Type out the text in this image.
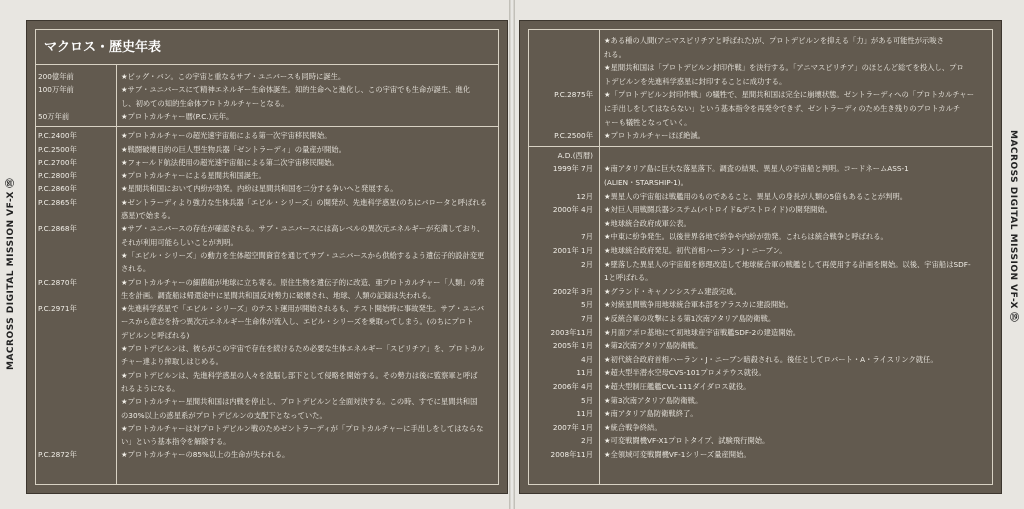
MACROSS DIGITAL MISSION VF-X ⑱	MACROSS DIGITAL MISSION VF-X ⑲
マクロス・歴史年表
200億年前	★ビッグ・バン。この宇宙と重なるサブ・ユニバースも同時に誕生。
100万年前	★サブ・ユニバースにて精神エネルギー生命体誕生。知的生命へと進化し、この宇宙でも生命が誕生、進化
し、初めての知的生命体プロトカルチャーとなる。
50万年前	★プロトカルチャー暦(P.C.)元年。
P.C.2400年	★プロトカルチャーの超光速宇宙船による第一次宇宙移民開始。
P.C.2500年	★戦闘破壊目的の巨人型生物兵器「ゼントラーディ」の量産が開始。
P.C.2700年	★フォールド航法使用の超光速宇宙船による第二次宇宙移民開始。
P.C.2800年	★プロトカルチャーによる星間共和国誕生。
P.C.2860年	★星間共和国において内紛が勃発。内紛は星間共和国を二分する争いへと発展する。
P.C.2865年	★ゼントラーディより強力な生体兵器「エビル・シリーズ」の開発が、先進科学惑星(のちにバロータと呼ばれる
惑星)で始まる。
P.C.2868年	★サブ・ユニバースの存在が確認される。サブ・ユニバースには高レベルの異次元エネルギーが充満しており、
それが利用可能らしいことが判明。
★「エビル・シリーズ」の動力を生体超空間資官を通じてサブ・ユニバースから供給するよう遺伝子的設計変更
される。
P.C.2870年	★プロトカルチャーの細菌船が地球に立ち寄る。原住生物を遺伝子的に改造、亜プロトカルチャー「人類」の発
生を計画。調査船は帰還途中に星間共和国反対勢力に破壊され、地球、人類の記録は失われる。
P.C.2971年	★先進科学惑星で「エビル・シリーズ」のテスト運用が開始されるも、テスト開始時に事故発生。サブ・ユニバ
ースから意志を持つ異次元エネルギー生命体が流入し、エビル・シリーズを乗取ってしまう。(のちにプロト
デビルンと呼ばれる)
★プロトデビルンは、彼らがこの宇宙で存在を続けるため必要な生体エネルギー「スピリチア」を、プロトカル
チャー達より搾取しはじめる。
★プロトデビルンは、先進科学惑星の人々を洗脳し部下として侵略を開始する。その勢力は後に監察軍と呼ば
れるようになる。
★プロトカルチャー星間共和国は内戦を停止し、プロトデビルンと全面対決する。この時、すでに星間共和国
の30%以上の惑星系がプロトデビルンの支配下となっていた。
★プロトカルチャーは対プロトデビルン戦のためゼントラーディが「プロトカルチャーに手出しをしてはならな
い」という基本指令を解除する。
P.C.2872年	★プロトカルチャーの85%以上の生命が失われる。
★ある種の人間(アニマスピリチアと呼ばれた)が、プロトデビルンを抑える「力」がある可能性が示唆さ
れる。
★星間共和国は「プロトデビルン封印作戦」を決行する。「アニマスピリチア」のほとんど総てを投入し、プロ
トデビルンを先進科学惑星に封印することに成功する。
P.C.2875年 ★「プロトデビルン封印作戦」の犠牲で、星間共和国は完全に崩壊状態。ゼントラーディへの「プロトカルチャー
に手出しをしてはならない」という基本指令を再発令できず、ゼントラーディのため生き残りのプロトカルチ
ャーも犠牲となっていく。
P.C.2500年 ★プロトカルチャーほぼ絶滅。
A.D.(西暦)
1999年 7月 ★南アタリア島に巨大な落星落下。調査の結果、異星人の宇宙船と判明。コードネームASS-1
(ALIEN・STARSHIP-1)。
12月 ★異星人の宇宙船は戦艦用のものであること、異星人の身長が人類の5倍もあることが判明。
2000年 4月 ★対巨人用戦闘兵器システム(バトロイド&デストロイド)の開発開始。
★地球統合政府成軍公表。
7月 ★中東に紛争発生。以後世界各地で紛争や内紛が勃発。これらは統合戦争と呼ばれる。
2001年 1月 ★地球統合政府発足。初代首相ハーラン・J・ニーブン。
2月 ★墜落した異星人の宇宙船を修理改造して地球統合軍の戦艦として再使用する計画を開始。以後、宇宙船はSDF-
1と呼ばれる。
2002年 3月 ★グランド・キャノンシステム建設完成。
5月 ★対統星間戦争用地球統合軍本部をアラスカに建設開始。
7月 ★反統合軍の攻撃による第1次南アタリア島防衛戦。
2003年11月 ★月面アポロ基地にて初地球産宇宙戦艦SDF-2の建造開始。
2005年 1月 ★第2次南アタリア島防衛戦。
4月 ★初代統合政府首相ハーラン・J・ニーブン暗殺される。後任としてロバート・A・ライスリンク就任。
11月 ★超大型半潜水空母CVS-101プロメテウス就役。
2006年 4月 ★超大型制圧艦艦CVL-111ダイダロス就役。
5月 ★第3次南アタリア島防衛戦。
11月 ★南アタリア島防衛戦終了。
2007年 1月 ★統合戦争終結。
2月 ★可変戦闘機VF-X1プロトタイプ、試験飛行開始。
2008年11月 ★全領域可変戦闘機VF-1シリーズ量産開始。
